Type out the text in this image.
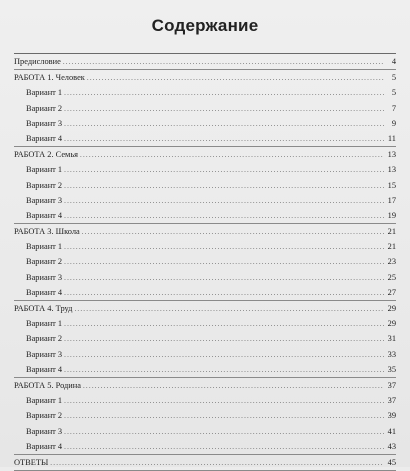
Содержание
Предисловие .....	4
РАБОТА 1. Человек .....	5
Вариант 1 .....	5
Вариант 2 .....	7
Вариант 3 .....	9
Вариант 4 .....	11
РАБОТА 2. Семья .....	13
Вариант 1 .....	13
Вариант 2 .....	15
Вариант 3 .....	17
Вариант 4 .....	19
РАБОТА 3. Школа .....	21
Вариант 1 .....	21
Вариант 2 .....	23
Вариант 3 .....	25
Вариант 4 .....	27
РАБОТА 4. Труд .....	29
Вариант 1 .....	29
Вариант 2 .....	31
Вариант 3 .....	33
Вариант 4 .....	35
РАБОТА 5. Родина .....	37
Вариант 1 .....	37
Вариант 2 .....	39
Вариант 3 .....	41
Вариант 4 .....	43
ОТВЕТЫ .....	45
